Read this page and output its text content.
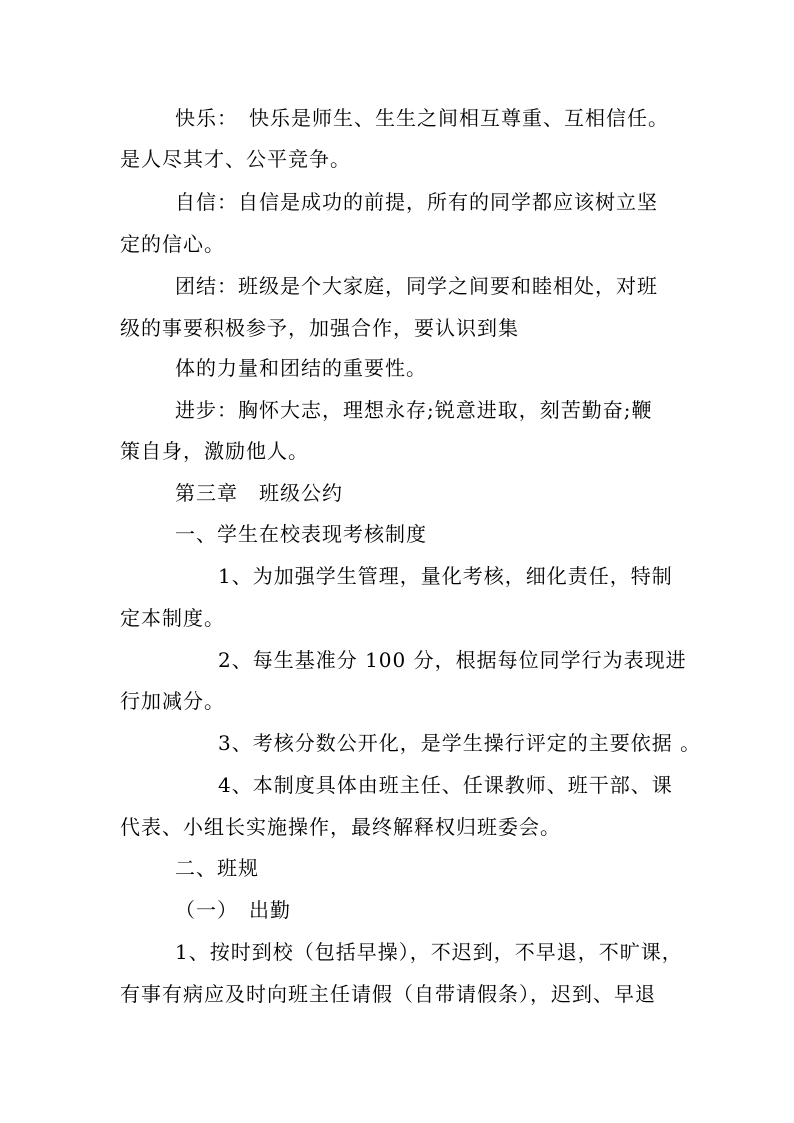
快乐：　快乐是师生、生生之间相互尊重、互相信任。
是人尽其才、公平竞争。
自信：自信是成功的前提，所有的同学都应该树立坚
定的信心。
团结：班级是个大家庭，同学之间要和睦相处，对班
级的事要积极参予，加强合作，要认识到集
体的力量和团结的重要性。
进步：胸怀大志，理想永存;锐意进取，刻苦勤奋;鞭
策自身，激励他人。
第三章　班级公约
一、学生在校表现考核制度
1、为加强学生管理，量化考核，细化责任，特制
定本制度。
2、每生基准分 100 分，根据每位同学行为表现进
行加减分。
3、考核分数公开化，是学生操行评定的主要依据 。
4、本制度具体由班主任、任课教师、班干部、课
代表、小组长实施操作，最终解释权归班委会。
二、班规
（一）　出勤
1、按时到校（包括早操），不迟到，不早退，不旷课，
有事有病应及时向班主任请假（自带请假条），迟到、早退
